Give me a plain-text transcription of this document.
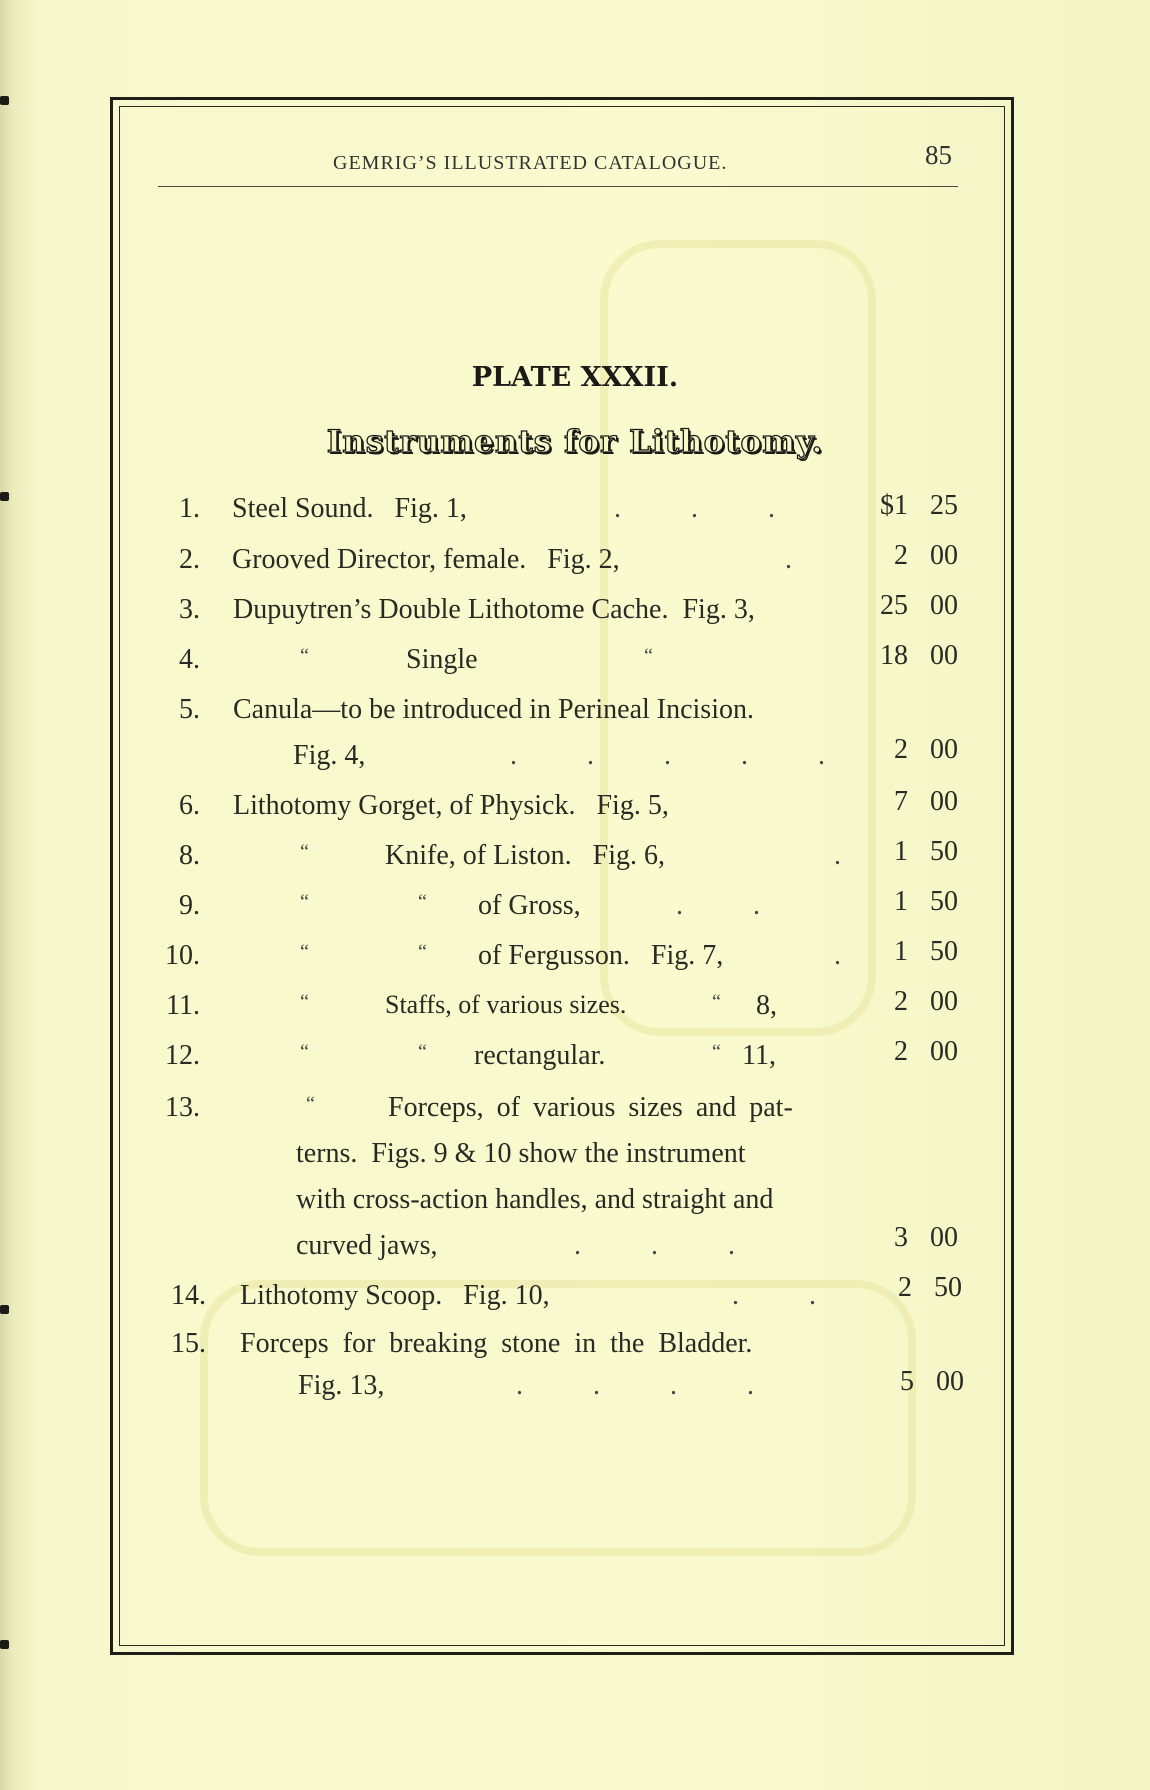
GEMRIG’S ILLUSTRATED CATALOGUE.	85
PLATE XXXII.
Instruments for Lithotomy.
1. Steel Sound.   Fig. 1,	.          .          .	$1 25
2. Grooved Director, female.   Fig. 2,	.	2 00
3. Dupuytren’s Double Lithotome Cache.  Fig. 3,	25 00
4.	“	Single	“	18 00
5. Canula—to be introduced in Perineal Incision.
Fig. 4,	.          .          .          .          .	2 00
6. Lithotomy Gorget, of Physick.   Fig. 5,	7 00
8.	“	Knife, of Liston.   Fig. 6,	.	1 50
9.	“	“ of Gross,	.          .	1 50
10.	“	“ of Fergusson.   Fig. 7,	.	1 50
11.	“	Staffs, of various sizes.	“ 8,	2 00
12.	“	“ rectangular.	“ 11,	2 00
13.	“	Forceps, of various sizes and pat-
terns.  Figs. 9 & 10 show the instrument
with cross-action handles, and straight and
curved jaws,	.          .          .	3 00
14. Lithotomy Scoop.   Fig. 10,	.          .	2 50
15. Forceps  for  breaking  stone  in  the  Bladder.
Fig. 13,	.          .          .          .	5 00
